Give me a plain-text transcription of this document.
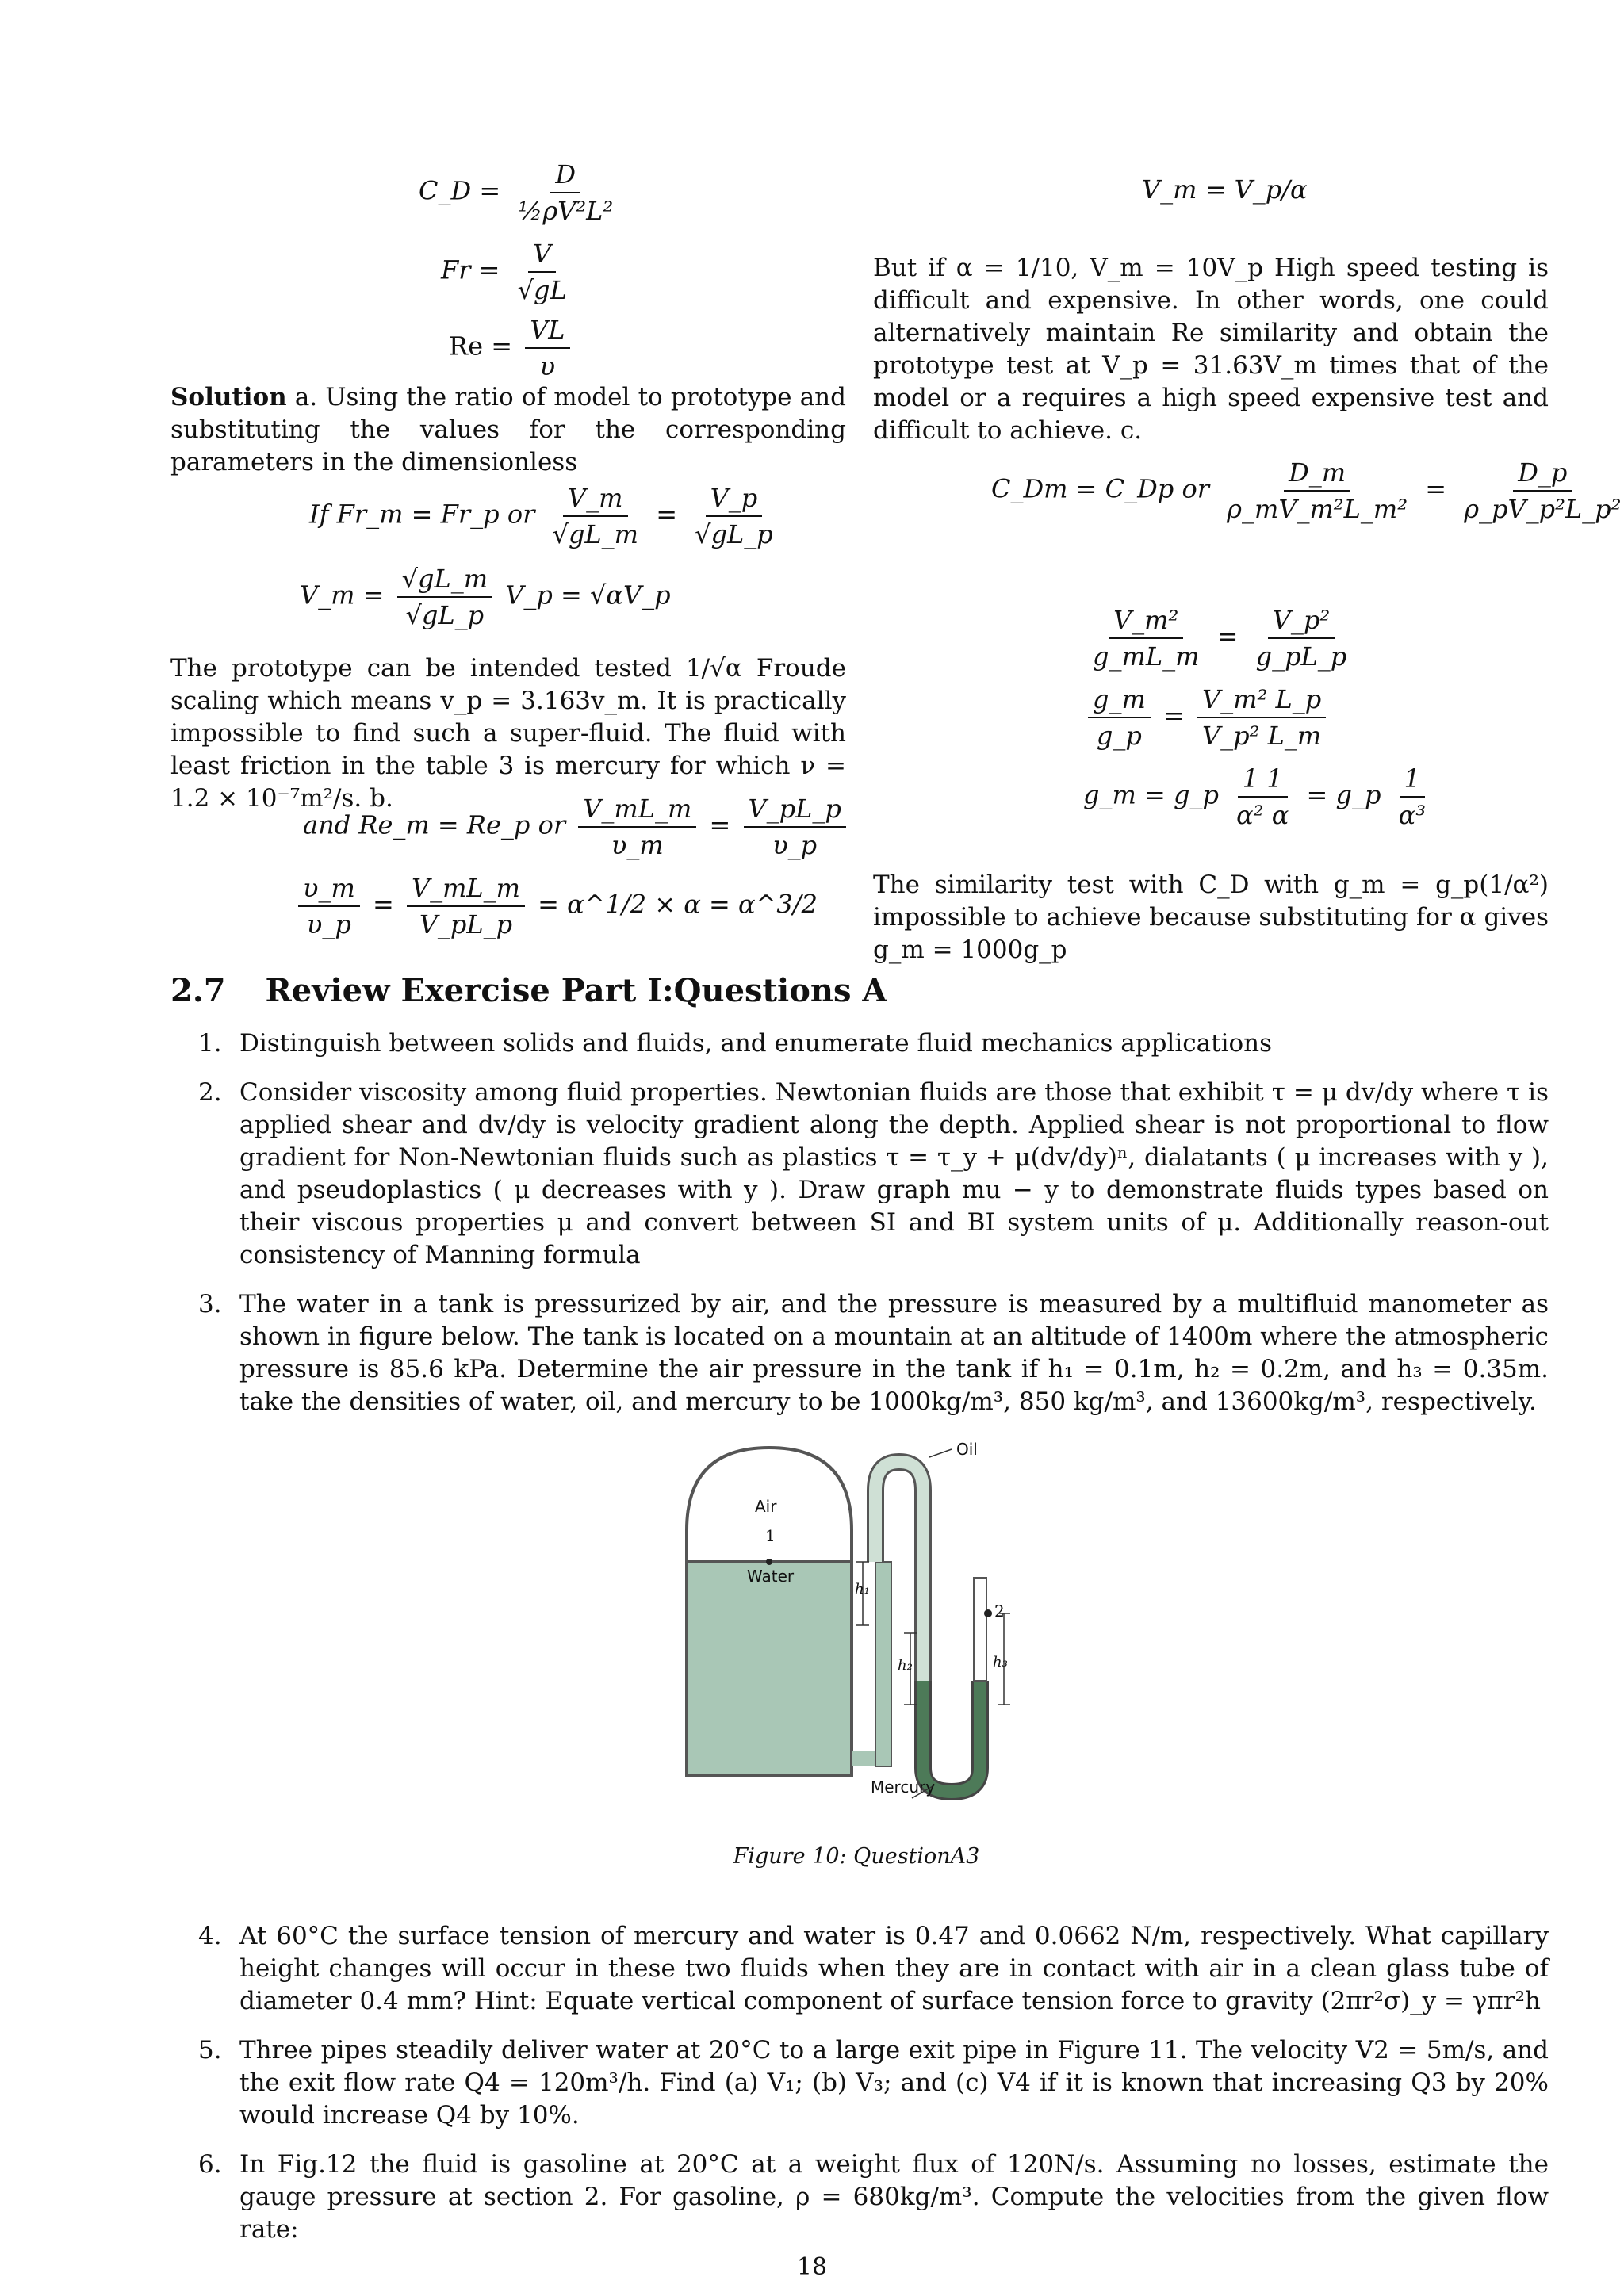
C_D = $\frac{D}{\text{½ρV²L²}}$
$Fr = \frac{V}{√gL}$
$Re = \frac{VL}{\upsilon}$
Solution a. Using the ratio of model to prototype and substituting the values for the corresponding parameters in the dimensionless
If Fr_m = Fr_p or $\frac{V\_m}{√gL\_m} = \frac{V\_p}{√gL\_p}$
V_m = $\frac{√gL\_m}{√gL\_p}$ V_p = √αV_p
The prototype can be intended tested 1/√α Froude scaling which means v_p = 3.163v_m. It is practically impossible to find such a super-fluid. The fluid with least friction in the table 3 is mercury for which ν = 1.2 × 10⁻⁷m²/s. b.
and Re_m = Re_p or $\frac{V\_mL\_m}{\upsilon\_m} = \frac{V\_pL\_p}{\upsilon\_p}$
$\frac{\upsilon\_m}{\upsilon\_p} = \frac{V\_mL\_m}{V\_pL\_p}$ = α^1/2 × α = α^3/2
V_m = V_p/α
But if α = 1/10, V_m = 10V_p High speed testing is difficult and expensive. In other words, one could alternatively maintain Re similarity and obtain the prototype test at V_p = 31.63V_m times that of the model or a requires a high speed expensive test and difficult to achieve. c.
C_Dm = C_Dp or $\frac{D\_m}{\text{ρ\_mV\_m²L\_m²}} = \frac{D\_p}{\text{ρ\_pV\_p²L\_p²}}$
$\frac{\text{V\_m²}}{g\_mL\_m} = \frac{\text{V\_p²}}{g\_pL\_p}$
$\frac{g\_m}{g\_p} = \frac{\text{V\_m² L\_p}}{\text{V\_p² L\_m}}$
g_m = g_p $\frac{1 1}{\text{α² α}}$ = g_p $\frac{1}{\text{α³}}$
The similarity test with C_D with g_m = g_p(1/α²) impossible to achieve because substituting for α gives g_m = 1000g_p
2.7 Review Exercise Part I:Questions A
1. Distinguish between solids and fluids, and enumerate fluid mechanics applications
2. Consider viscosity among fluid properties. Newtonian fluids are those that exhibit τ = μ dv/dy where τ is applied shear and dv/dy is velocity gradient along the depth. Applied shear is not proportional to flow gradient for Non-Newtonian fluids such as plastics τ = τ_y + μ(dv/dy)ⁿ, dialatants ( μ increases with y ), and pseudoplastics ( μ decreases with y ). Draw graph mu − y to demonstrate fluids types based on their viscous properties μ and convert between SI and BI system units of μ. Additionally reason-out consistency of Manning formula
3. The water in a tank is pressurized by air, and the pressure is measured by a multifluid manometer as shown in figure below. The tank is located on a mountain at an altitude of 1400m where the atmospheric pressure is 85.6 kPa. Determine the air pressure in the tank if h₁ = 0.1m, h₂ = 0.2m, and h₃ = 0.35m. take the densities of water, oil, and mercury to be 1000kg/m³, 850 kg/m³, and 13600kg/m³, respectively.
Oil
Air
1
Water
h₁
h₂	h₃
2
Mercury
Figure 10: QuestionA3
4. At 60°C the surface tension of mercury and water is 0.47 and 0.0662 N/m, respectively. What capillary height changes will occur in these two fluids when they are in contact with air in a clean glass tube of diameter 0.4 mm? Hint: Equate vertical component of surface tension force to gravity (2πr²σ)_y = γπr²h
5. Three pipes steadily deliver water at 20°C to a large exit pipe in Figure 11. The velocity V2 = 5m/s, and the exit flow rate Q4 = 120m³/h. Find (a) V₁; (b) V₃; and (c) V4 if it is known that increasing Q3 by 20% would increase Q4 by 10%.
6. In Fig.12 the fluid is gasoline at 20°C at a weight flux of 120N/s. Assuming no losses, estimate the gauge pressure at section 2. For gasoline, ρ = 680kg/m³. Compute the velocities from the given flow rate:
18
